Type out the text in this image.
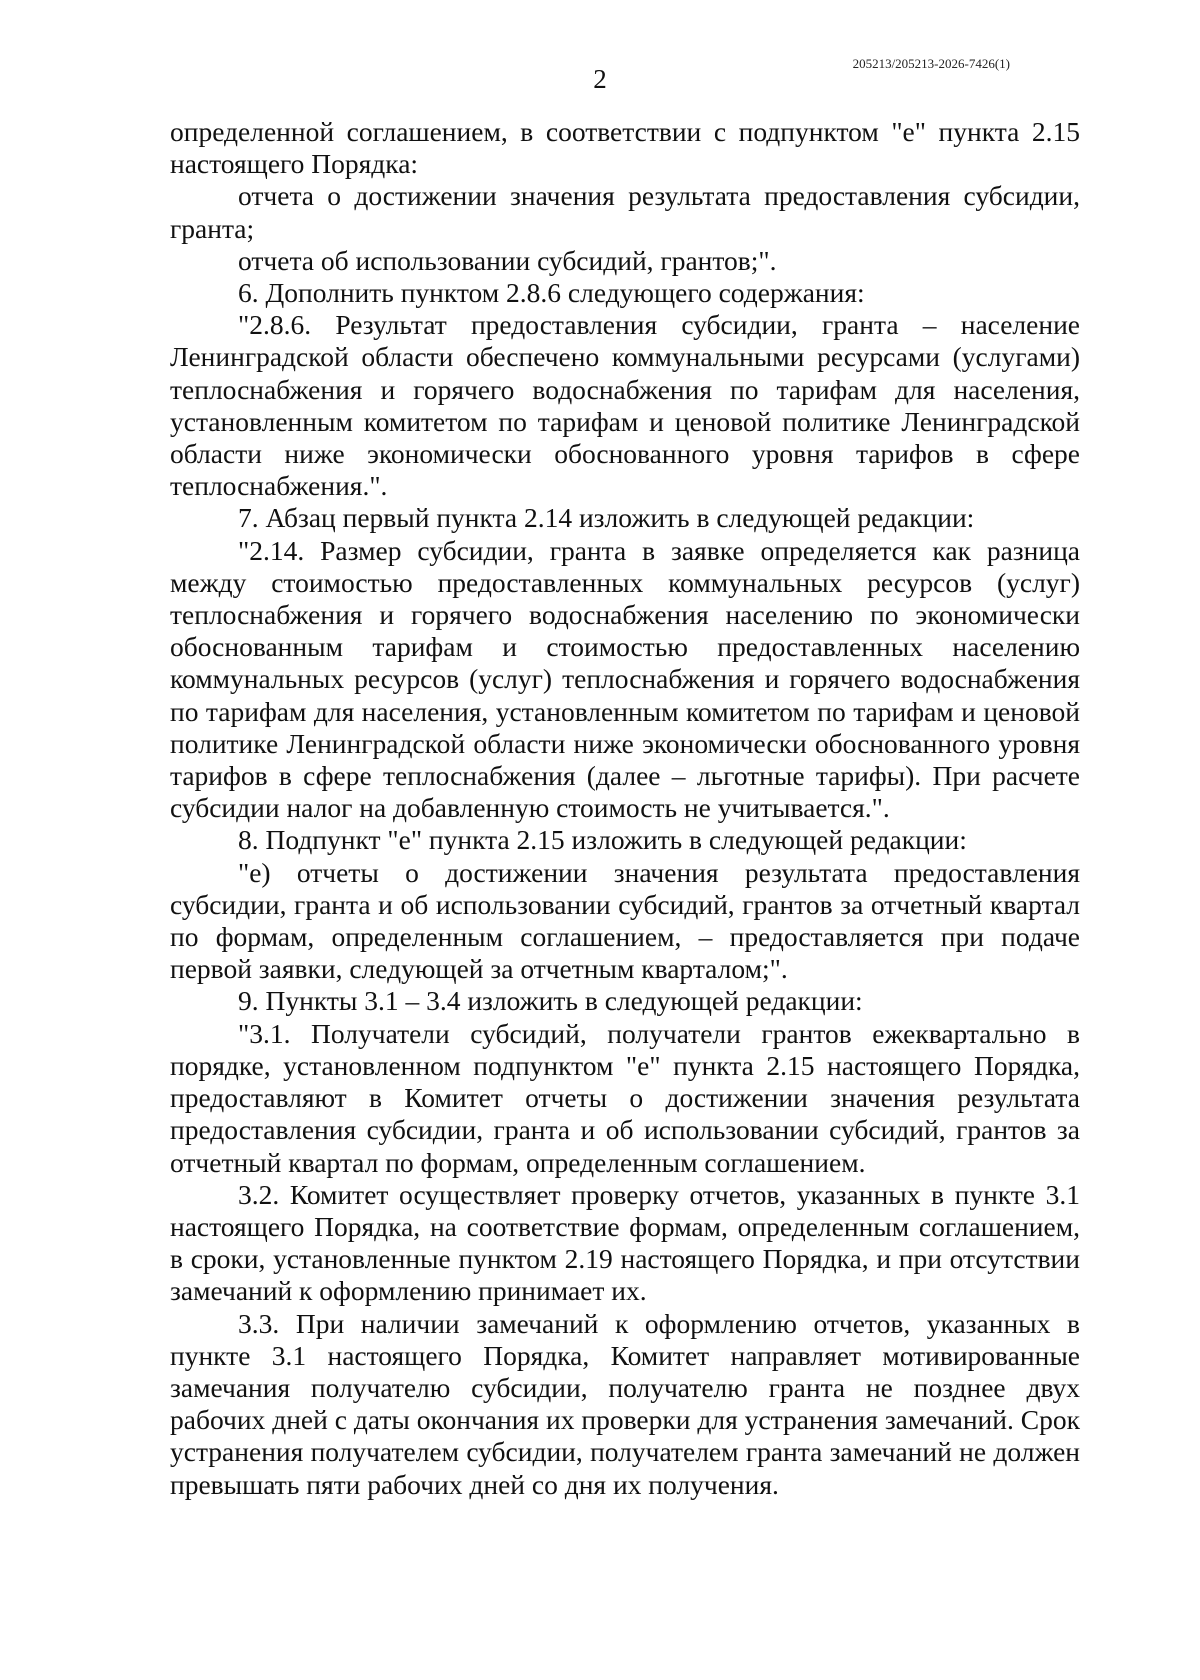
205213/205213-2026-7426(1)
2

определенной соглашением, в соответствии с подпунктом "е" пункта 2.15 настоящего Порядка:

отчета о достижении значения результата предоставления субсидии, гранта;

отчета об использовании субсидий, грантов;".

6. Дополнить пунктом 2.8.6 следующего содержания:

"2.8.6. Результат предоставления субсидии, гранта – население Ленинградской области обеспечено коммунальными ресурсами (услугами) теплоснабжения и горячего водоснабжения по тарифам для населения, установленным комитетом по тарифам и ценовой политике Ленинградской области ниже экономически обоснованного уровня тарифов в сфере теплоснабжения.".

7. Абзац первый пункта 2.14 изложить в следующей редакции:

"2.14. Размер субсидии, гранта в заявке определяется как разница между стоимостью предоставленных коммунальных ресурсов (услуг) теплоснабжения и горячего водоснабжения населению по экономически обоснованным тарифам и стоимостью предоставленных населению коммунальных ресурсов (услуг) теплоснабжения и горячего водоснабжения по тарифам для населения, установленным комитетом по тарифам и ценовой политике Ленинградской области ниже экономически обоснованного уровня тарифов в сфере теплоснабжения (далее – льготные тарифы). При расчете субсидии налог на добавленную стоимость не учитывается.".

8. Подпункт "е" пункта 2.15 изложить в следующей редакции:

"е) отчеты о достижении значения результата предоставления субсидии, гранта и об использовании субсидий, грантов за отчетный квартал по формам, определенным соглашением, – предоставляется при подаче первой заявки, следующей за отчетным кварталом;".

9. Пункты 3.1 – 3.4 изложить в следующей редакции:

"3.1. Получатели субсидий, получатели грантов ежеквартально в порядке, установленном подпунктом "е" пункта 2.15 настоящего Порядка, предоставляют в Комитет отчеты о достижении значения результата предоставления субсидии, гранта и об использовании субсидий, грантов за отчетный квартал по формам, определенным соглашением.

3.2. Комитет осуществляет проверку отчетов, указанных в пункте 3.1 настоящего Порядка, на соответствие формам, определенным соглашением, в сроки, установленные пунктом 2.19 настоящего Порядка, и при отсутствии замечаний к оформлению принимает их.

3.3. При наличии замечаний к оформлению отчетов, указанных в пункте 3.1 настоящего Порядка, Комитет направляет мотивированные замечания получателю субсидии, получателю гранта не позднее двух рабочих дней с даты окончания их проверки для устранения замечаний. Срок устранения получателем субсидии, получателем гранта замечаний не должен превышать пяти рабочих дней со дня их получения.
